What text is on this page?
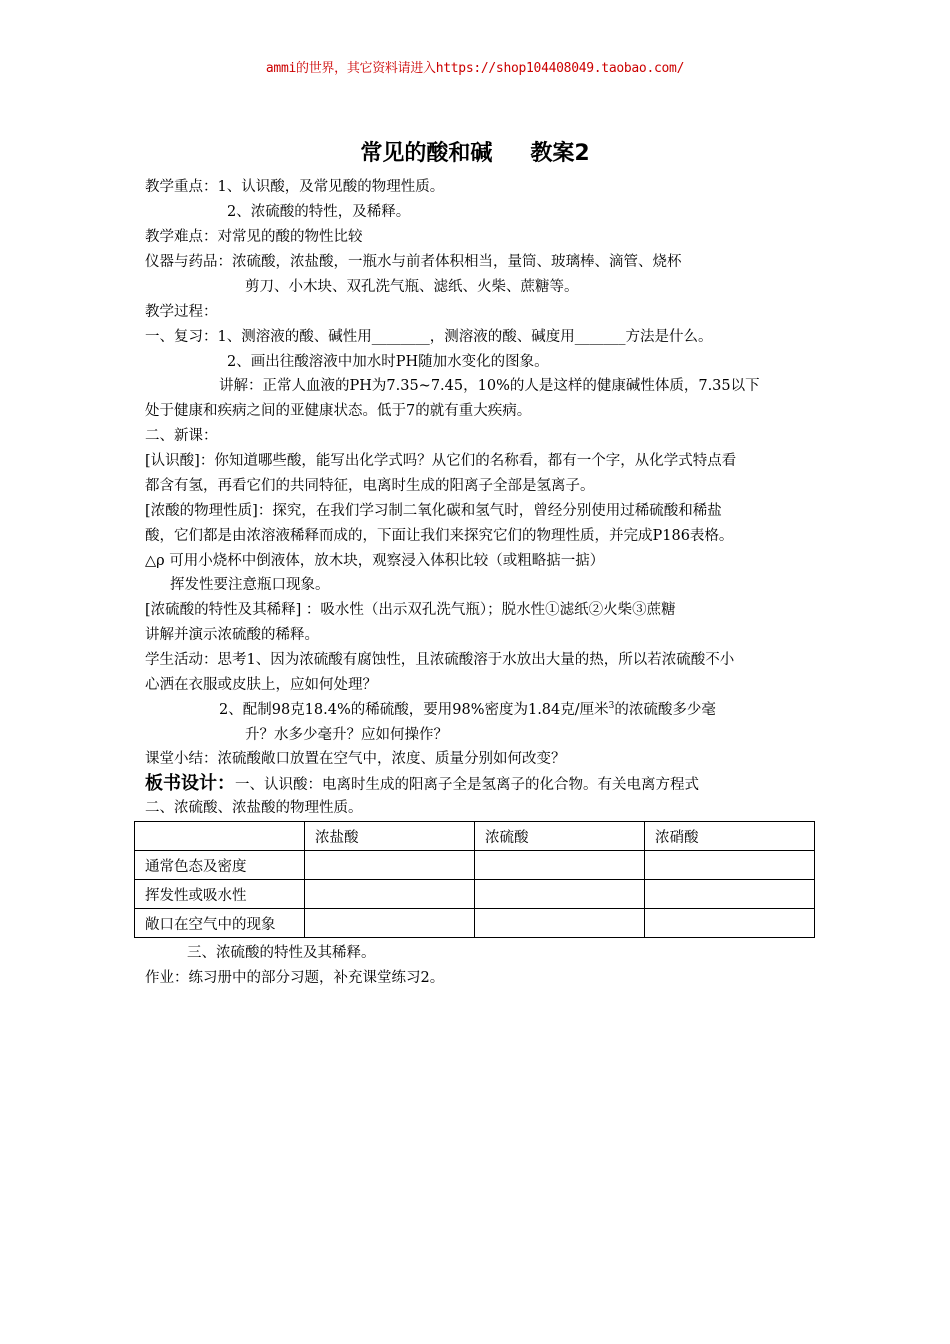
ammi的世界，其它资料请进入https://shop104408049.taobao.com/
常见的酸和碱 教案2
教学重点：1、认识酸，及常见酸的物理性质。
2、浓硫酸的特性，及稀释。
教学难点：对常见的酸的物性比较
仪器与药品：浓硫酸，浓盐酸，一瓶水与前者体积相当，量筒、玻璃棒、滴管、烧杯
剪刀、小木块、双孔洗气瓶、滤纸、火柴、蔗糖等。
教学过程：
一、复习：1、测溶液的酸、碱性用________，测溶液的酸、碱度用_______方法是什么。
2、画出往酸溶液中加水时PH随加水变化的图象。
讲解：正常人血液的PH为7.35~7.45，10%的人是这样的健康碱性体质，7.35以下
处于健康和疾病之间的亚健康状态。低于7的就有重大疾病。
二、新课：
[认识酸]：你知道哪些酸，能写出化学式吗？从它们的名称看，都有一个字，从化学式特点看
都含有氢，再看它们的共同特征，电离时生成的阳离子全部是氢离子。
[浓酸的物理性质]：探究，在我们学习制二氧化碳和氢气时，曾经分别使用过稀硫酸和稀盐
酸，它们都是由浓溶液稀释而成的，下面让我们来探究它们的物理性质，并完成P186表格。
△ρ 可用小烧杯中倒液体，放木块，观察浸入体积比较（或粗略掂一掂）
挥发性要注意瓶口现象。
[浓硫酸的特性及其稀释] ：吸水性（出示双孔洗气瓶）；脱水性①滤纸②火柴③蔗糖
讲解并演示浓硫酸的稀释。
学生活动：思考1、因为浓硫酸有腐蚀性，且浓硫酸溶于水放出大量的热，所以若浓硫酸不小
心洒在衣服或皮肤上，应如何处理？
2、配制98克18.4%的稀硫酸，要用98%密度为1.84克/厘米$^3$的浓硫酸多少毫
升？水多少毫升？应如何操作？
课堂小结：浓硫酸敞口放置在空气中，浓度、质量分别如何改变？
板书设计：一、认识酸：电离时生成的阳离子全是氢离子的化合物。有关电离方程式
二、浓硫酸、浓盐酸的物理性质。
	浓盐酸	浓硫酸	浓硝酸
通常色态及密度			
挥发性或吸水性			
敞口在空气中的现象			
三、浓硫酸的特性及其稀释。
作业：练习册中的部分习题，补充课堂练习2。
